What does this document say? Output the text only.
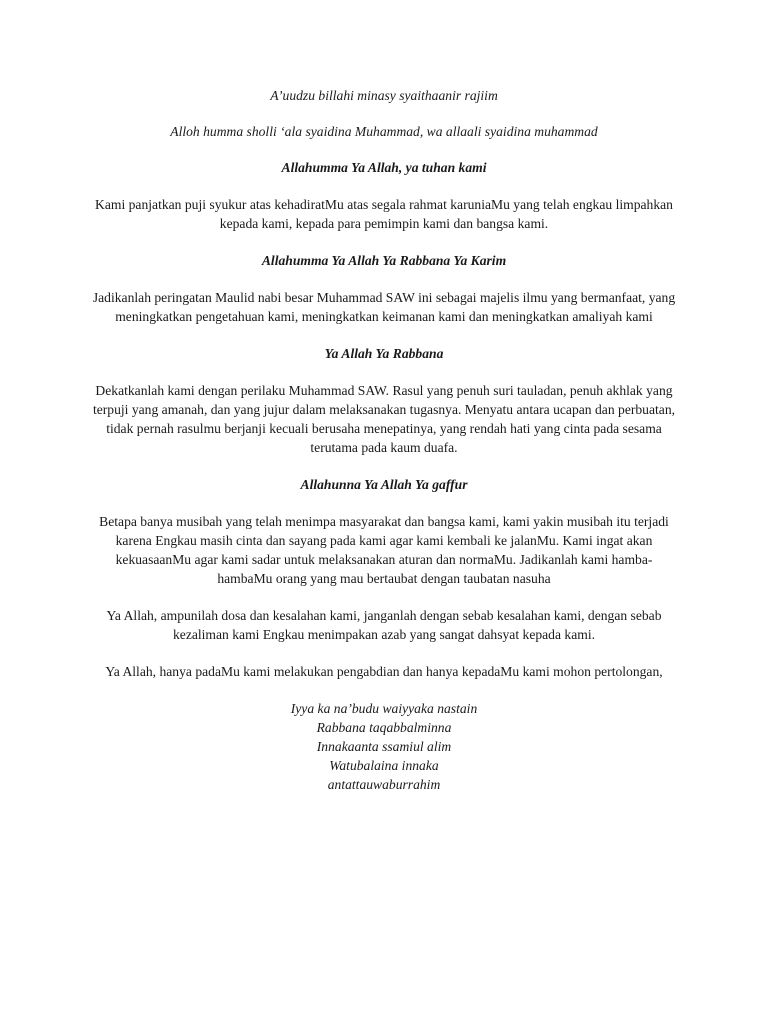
A’uudzu billahi minasy syaithaanir rajiim

Alloh humma sholli ‘ala syaidina Muhammad, wa allaali syaidina muhammad

Allahumma Ya Allah, ya tuhan kami

Kami panjatkan puji syukur atas kehadiratMu atas segala rahmat karuniaMu yang telah engkau limpahkan kepada kami, kepada para pemimpin kami dan bangsa kami.

Allahumma Ya Allah Ya Rabbana Ya Karim

Jadikanlah peringatan Maulid nabi besar Muhammad SAW ini sebagai majelis ilmu yang bermanfaat, yang meningkatkan pengetahuan kami, meningkatkan keimanan kami dan meningkatkan amaliyah kami

Ya Allah Ya Rabbana

Dekatkanlah kami dengan perilaku Muhammad SAW. Rasul yang penuh suri tauladan, penuh akhlak yang terpuji yang amanah, dan yang jujur dalam melaksanakan tugasnya. Menyatu antara ucapan dan perbuatan, tidak pernah rasulmu berjanji kecuali berusaha menepatinya, yang rendah hati yang cinta pada sesama terutama pada kaum duafa.

Allahunna Ya Allah Ya gaffur

Betapa banya musibah yang telah menimpa masyarakat dan bangsa kami, kami yakin musibah itu terjadi karena Engkau masih cinta dan sayang pada kami agar kami kembali ke jalanMu. Kami ingat akan kekuasaanMu agar kami sadar untuk melaksanakan aturan dan normaMu. Jadikanlah kami hamba-hambaMu orang yang mau bertaubat dengan taubatan nasuha

Ya Allah, ampunilah dosa dan kesalahan kami, janganlah dengan sebab kesalahan kami, dengan sebab kezaliman kami Engkau menimpakan azab yang sangat dahsyat kepada kami.

Ya Allah, hanya padaMu kami melakukan pengabdian dan hanya kepadaMu kami mohon pertolongan,

Iyya ka na’budu waiyyaka nastain
Rabbana taqabbalminna
Innakaanta ssamiul alim
Watubalaina innaka
antattauwaburrahim
